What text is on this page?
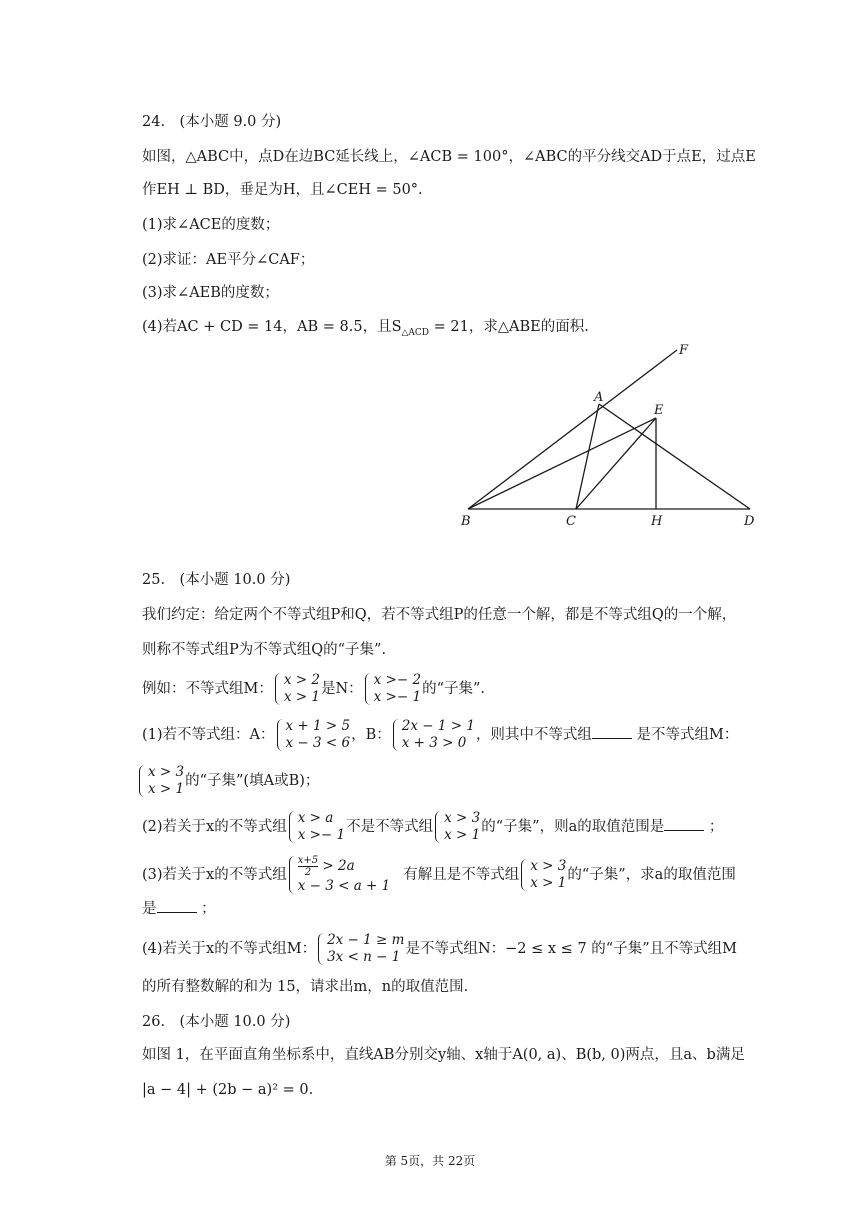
24.　(本小题 9.0 分)
如图，△ABC中，点D在边BC延长线上，∠ACB = 100°，∠ABC的平分线交AD于点E，过点E
作EH ⊥ BD，垂足为H，且∠CEH = 50°.
(1)求∠ACE的度数；
(2)求证：AE平分∠CAF；
(3)求∠AEB的度数；
(4)若AC + CD = 14，AB = 8.5，且$S_{\triangle ACD} = 21$，求△ABE的面积.
F
A
E
B	C	H	D
25.　(本小题 10.0 分)
我们约定：给定两个不等式组P和Q，若不等式组P的任意一个解，都是不等式组Q的一个解，
则称不等式组P为不等式组Q的“子集”.
例如：不等式组M：
x > 2
x > 1 是N：
x >− 2
x >− 1 的“子集”.
(1)若不等式组：A：
x + 1 > 5
x − 3 < 6 ，B：
2x − 1 > 1
x + 3 > 0 ，则其中不等式组	是不等式组M：
x > 3
x > 1 的“子集”(填A或B)；
(2)若关于x的不等式组
x > a
x >− 1 不是不等式组
x > 3
x > 1 的“子集”，则a的取值范围是	；
(3)若关于x的不等式组 $\frac{x+5}{2} > 2a$
x − 3 < a + 1
有解且是不等式组
x > 3
x > 1 的“子集”，求a的取值范围
是	；
(4)若关于x的不等式组M：
2x − 1 ≥ m
3x < n − 1 是不等式组N：−2 ≤ x ≤ 7 的“子集”且不等式组M
的所有整数解的和为 15，请求出m，n的取值范围.
26.　(本小题 10.0 分)
如图 1，在平面直角坐标系中，直线AB分别交y轴、x轴于A(0, a)、B(b, 0)两点，且a、b满足
|a − 4| + (2b − a)² = 0.
第 5页，共 22页
